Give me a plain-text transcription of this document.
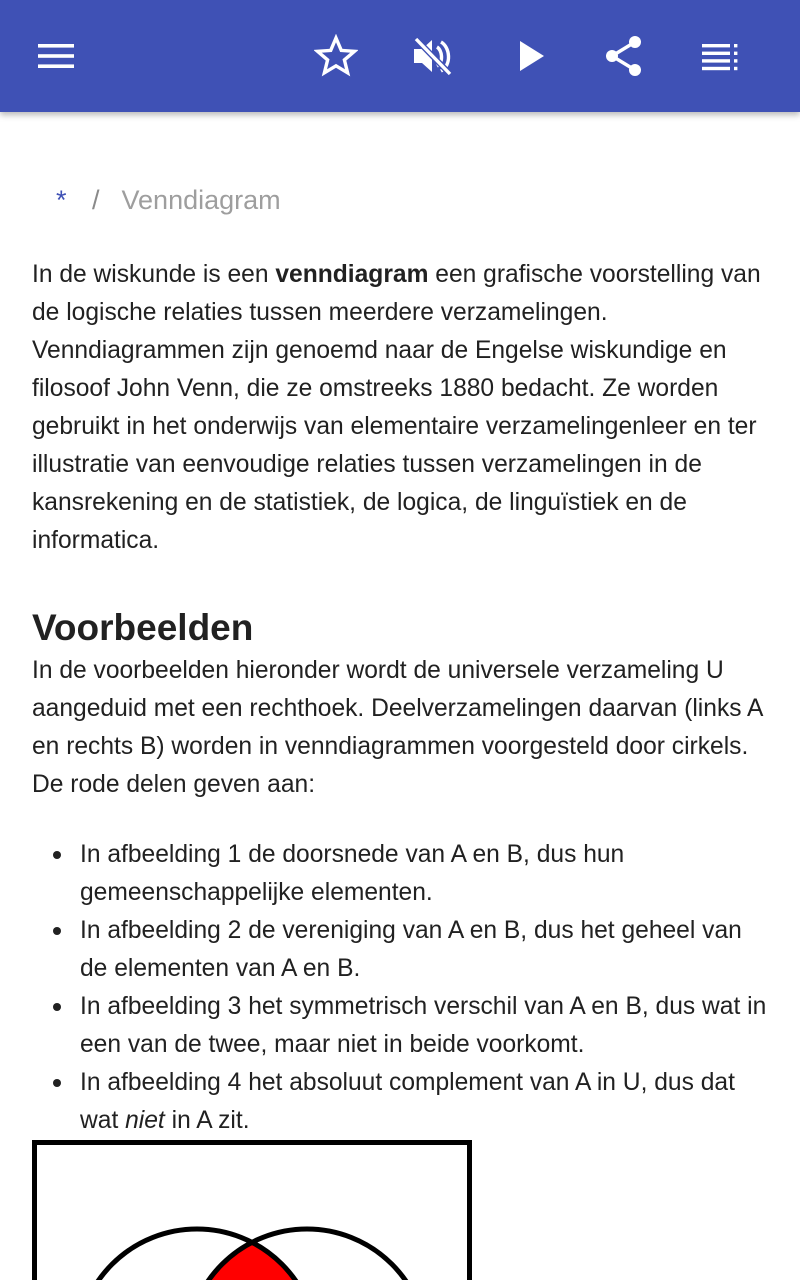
* / Venndiagram

In de wiskunde is een venndiagram een grafische voorstelling van de logische relaties tussen meerdere verzamelingen. Venndiagrammen zijn genoemd naar de Engelse wiskundige en filosoof John Venn, die ze omstreeks 1880 bedacht. Ze worden gebruikt in het onderwijs van elementaire verzamelingenleer en ter illustratie van eenvoudige relaties tussen verzamelingen in de kansrekening en de statistiek, de logica, de linguïstiek en de informatica.

Voorbeelden

In de voorbeelden hieronder wordt de universele verzameling U aangeduid met een rechthoek. Deelverzamelingen daarvan (links A en rechts B) worden in venndiagrammen voorgesteld door cirkels. De rode delen geven aan:

In afbeelding 1 de doorsnede van A en B, dus hun gemeenschappelijke elementen.
In afbeelding 2 de vereniging van A en B, dus het geheel van de elementen van A en B.
In afbeelding 3 het symmetrisch verschil van A en B, dus wat in een van de twee, maar niet in beide voorkomt.
In afbeelding 4 het absoluut complement van A in U, dus dat wat niet in A zit.
